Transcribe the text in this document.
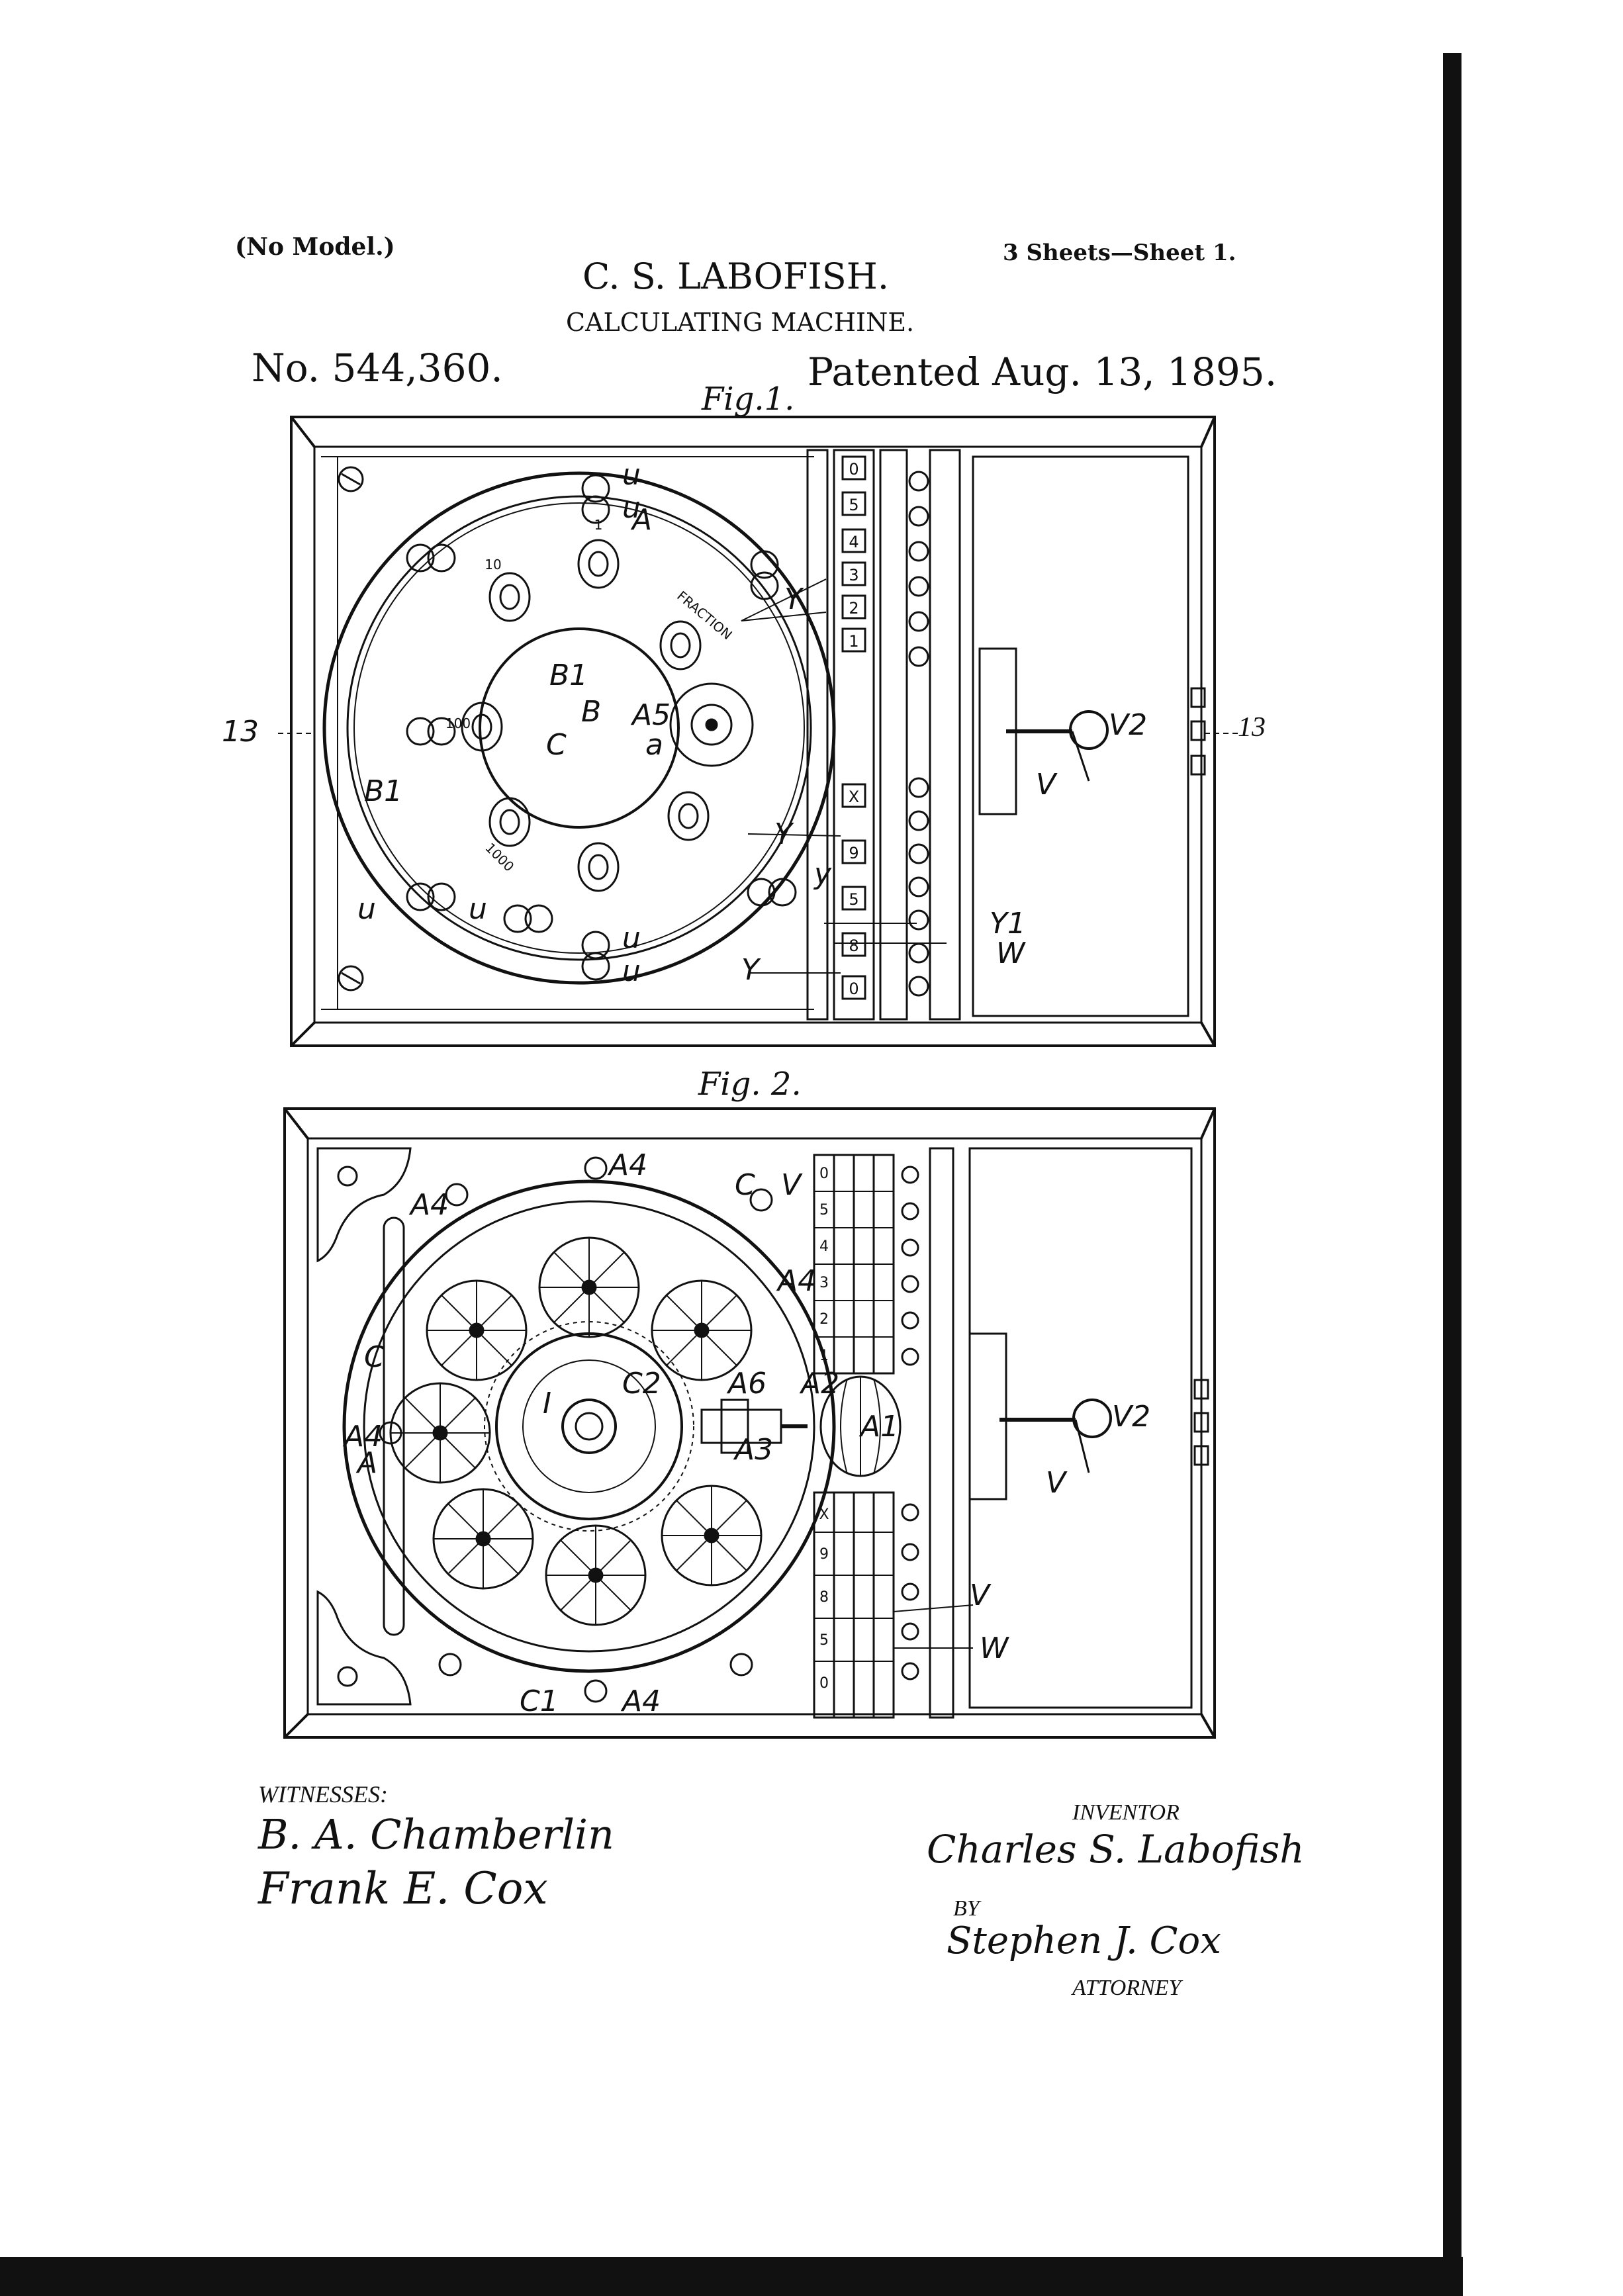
(No Model.)	3 Sheets—Sheet 1.
C. S. LABOFISH.
CALCULATING MACHINE.
No. 544,360.	Patented Aug. 13, 1895.
Fig.1.
0
5
4
3
2
1
X
9
5
8
0
10
1
FRACTION
100
1000
A
B1
B
C
B1
A5
a
u
u
u	u
u
u
Y
Y
y
Y
Y1
W
V
V2
13	13
Fig. 2.
0
5
4
3
2
1
X
9
8
5
0
A4
A4
C V
A4
C
A4
A
I
C2 A6
A3
A2
A1
C1 A4
V
W
V
V2
WITNESSES:
B. A. Chamberlin
Frank E. Cox
INVENTOR
Charles S. Labofish
BY
Stephen J. Cox
ATTORNEY
